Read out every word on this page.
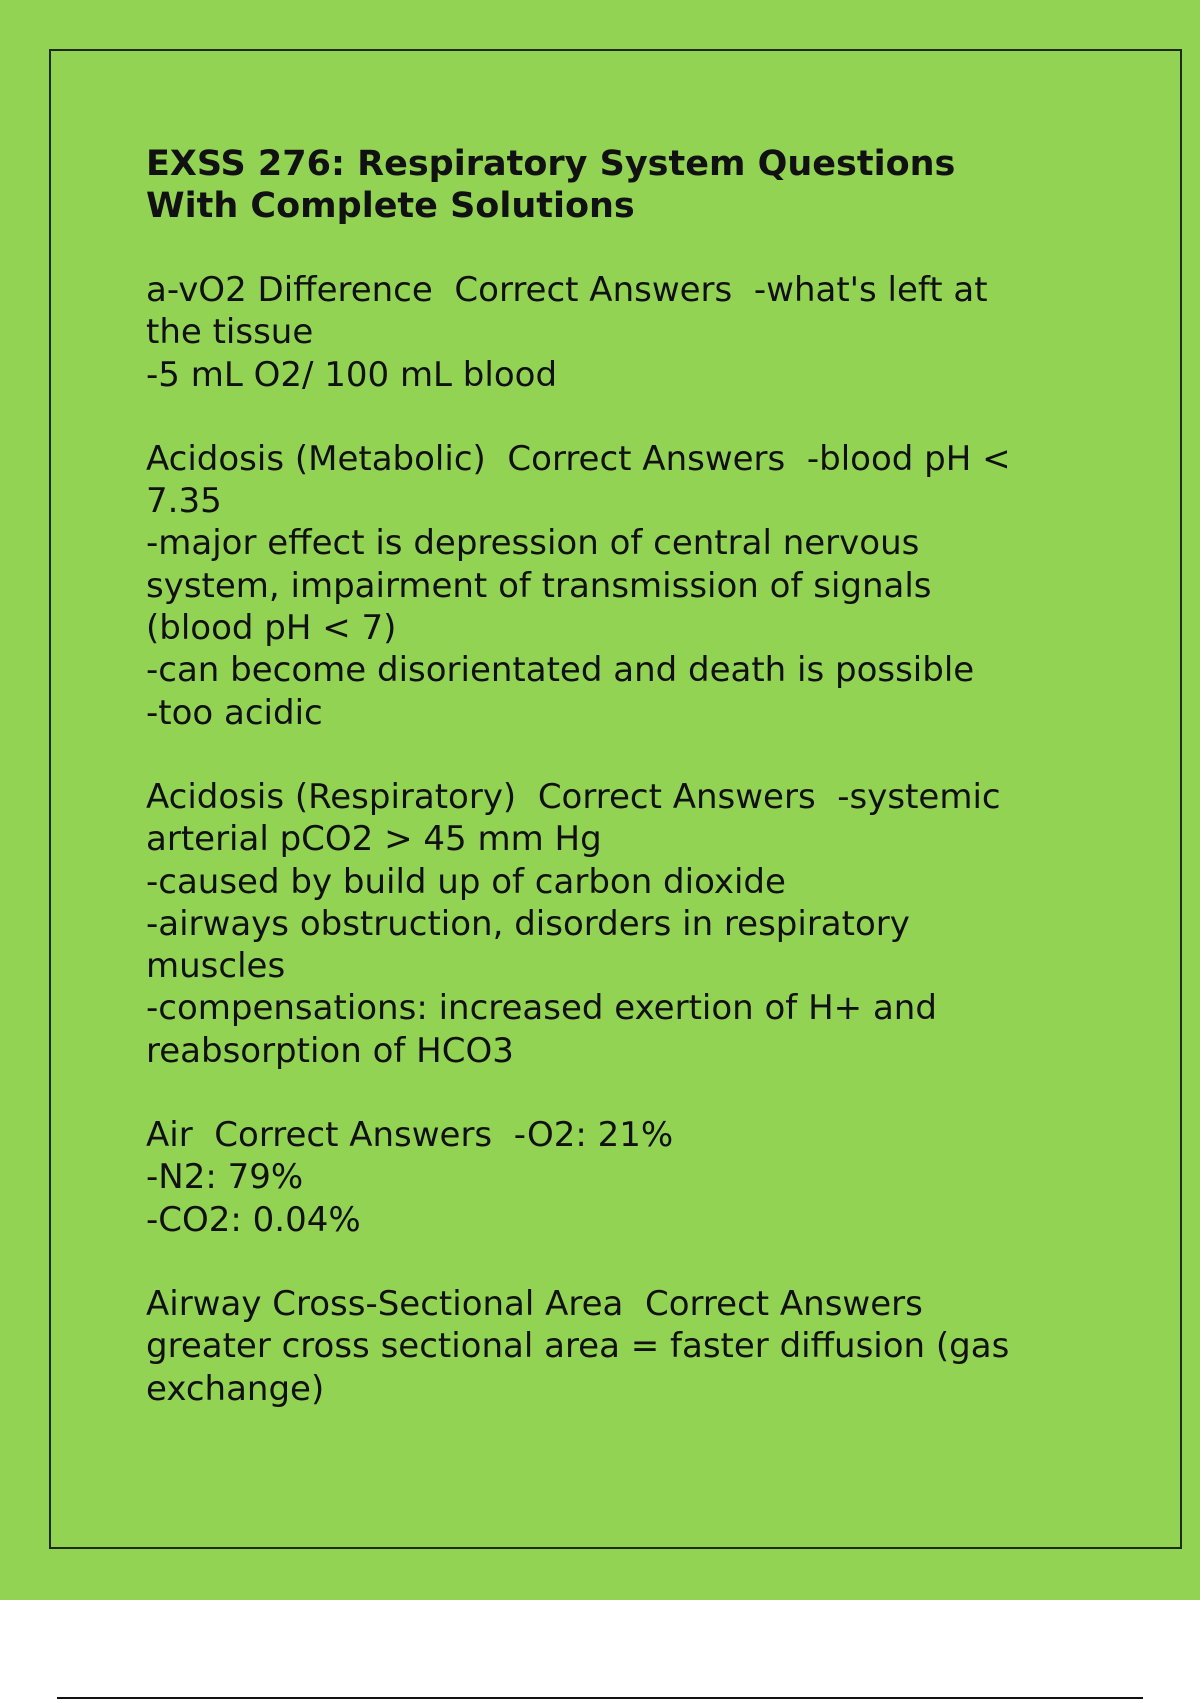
EXSS 276: Respiratory System Questions
With Complete Solutions
a-vO2 Difference  Correct Answers  -what's left at
the tissue
-5 mL O2/ 100 mL blood
Acidosis (Metabolic)  Correct Answers  -blood pH <
7.35
-major effect is depression of central nervous
system, impairment of transmission of signals
(blood pH < 7)
-can become disorientated and death is possible
-too acidic
Acidosis (Respiratory)  Correct Answers  -systemic
arterial pCO2 > 45 mm Hg
-caused by build up of carbon dioxide
-airways obstruction, disorders in respiratory
muscles
-compensations: increased exertion of H+ and
reabsorption of HCO3
Air  Correct Answers  -O2: 21%
-N2: 79%
-CO2: 0.04%
Airway Cross-Sectional Area  Correct Answers
greater cross sectional area = faster diffusion (gas
exchange)
